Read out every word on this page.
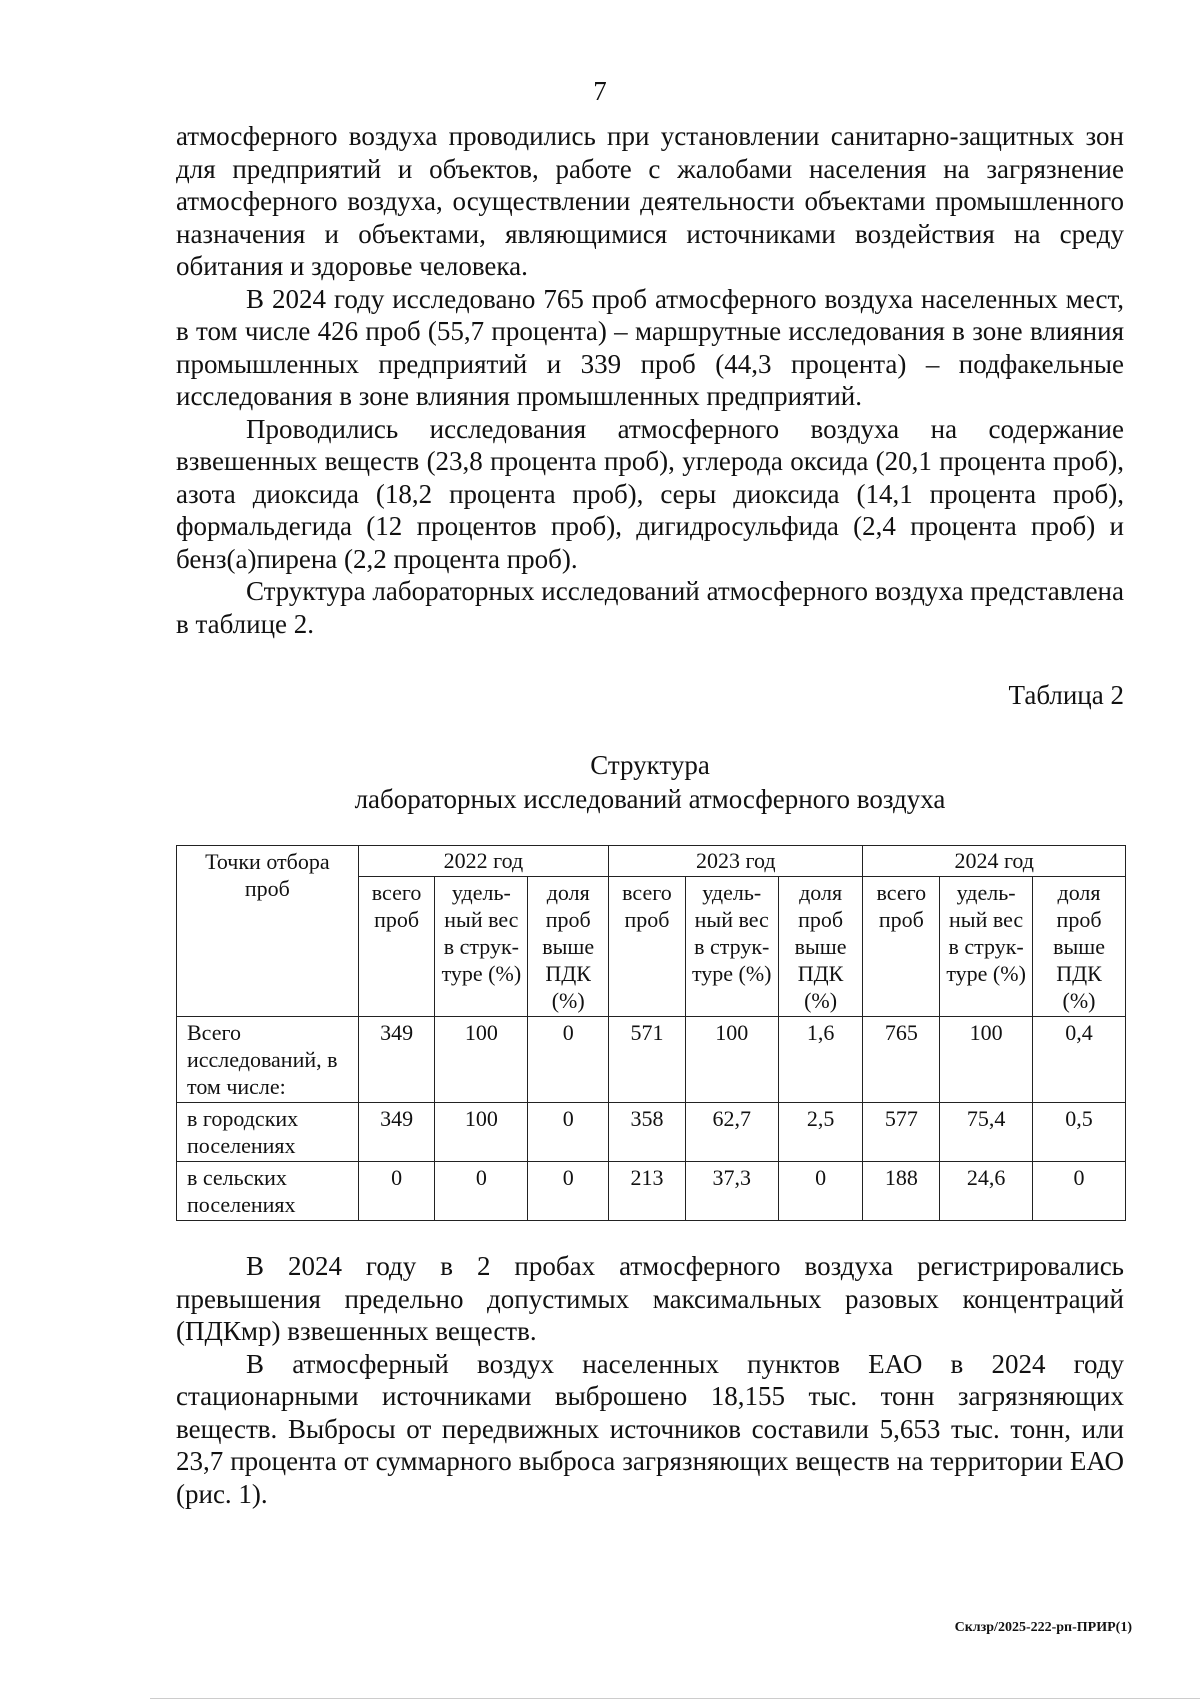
7

атмосферного воздуха проводились при установлении санитарно-защитных зон для предприятий и объектов, работе с жалобами населения на загрязнение атмосферного воздуха, осуществлении деятельности объектами промышленного назначения и объектами, являющимися источниками воздействия на среду обитания и здоровье человека.

В 2024 году исследовано 765 проб атмосферного воздуха населенных мест, в том числе 426 проб (55,7 процента) – маршрутные исследования в зоне влияния промышленных предприятий и 339 проб (44,3 процента) – подфакельные исследования в зоне влияния промышленных предприятий.

Проводились исследования атмосферного воздуха на содержание взвешенных веществ (23,8 процента проб), углерода оксида (20,1 процента проб), азота диоксида (18,2 процента проб), серы диоксида (14,1 процента проб), формальдегида (12 процентов проб), дигидросульфида (2,4 процента проб) и бенз(а)пирена (2,2 процента проб).

Структура лабораторных исследований атмосферного воздуха представлена в таблице 2.

Таблица 2
Структура
лабораторных исследований атмосферного воздуха
Точки отбора проб	2022 год			2023 год			2024 год		
	всего проб	удель-ный вес в струк-туре (%)	доля проб выше ПДК (%)	всего проб	удель-ный вес в струк-туре (%)	доля проб выше ПДК (%)	всего проб	удель-ный вес в струк-туре (%)	доля проб выше ПДК (%)
Всего исследований, в том числе:	349	100	0	571	100	1,6	765	100	0,4
в городских поселениях	349	100	0	358	62,7	2,5	577	75,4	0,5
в сельских поселениях	0	0	0	213	37,3	0	188	24,6	0

В 2024 году в 2 пробах атмосферного воздуха регистрировались превышения предельно допустимых максимальных разовых концентраций (ПДКмр) взвешенных веществ.

В атмосферный воздух населенных пунктов ЕАО в 2024 году стационарными источниками выброшено 18,155 тыс. тонн загрязняющих веществ. Выбросы от передвижных источников составили 5,653 тыс. тонн, или 23,7 процента от суммарного выброса загрязняющих веществ на территории ЕАО (рис. 1).

Склзр/2025-222-рп-ПРИР(1)
